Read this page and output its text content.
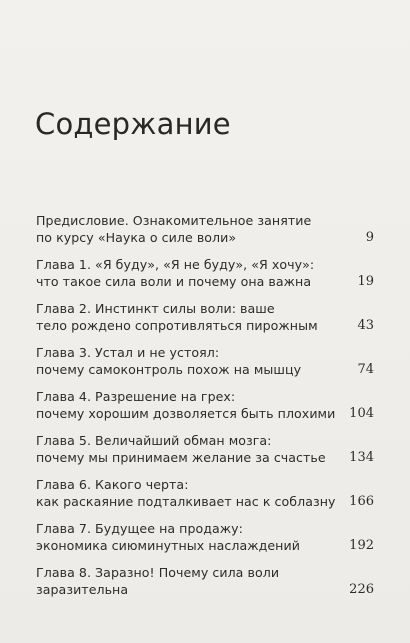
Содержание
Предисловие. Ознакомительное занятие
по курсу «Наука о силе воли»	9
Глава 1. «Я буду», «Я не буду», «Я хочу»:
что такое сила воли и почему она важна	19
Глава 2. Инстинкт силы воли: ваше
тело рождено сопротивляться пирожным	43
Глава 3. Устал и не устоял:
почему самоконтроль похож на мышцу	74
Глава 4. Разрешение на грех:
почему хорошим дозволяется быть плохими	104
Глава 5. Величайший обман мозга:
почему мы принимаем желание за счастье	134
Глава 6. Какого черта:
как раскаяние подталкивает нас к соблазну	166
Глава 7. Будущее на продажу:
экономика сиюминутных наслаждений	192
Глава 8. Заразно! Почему сила воли
заразительна	226
